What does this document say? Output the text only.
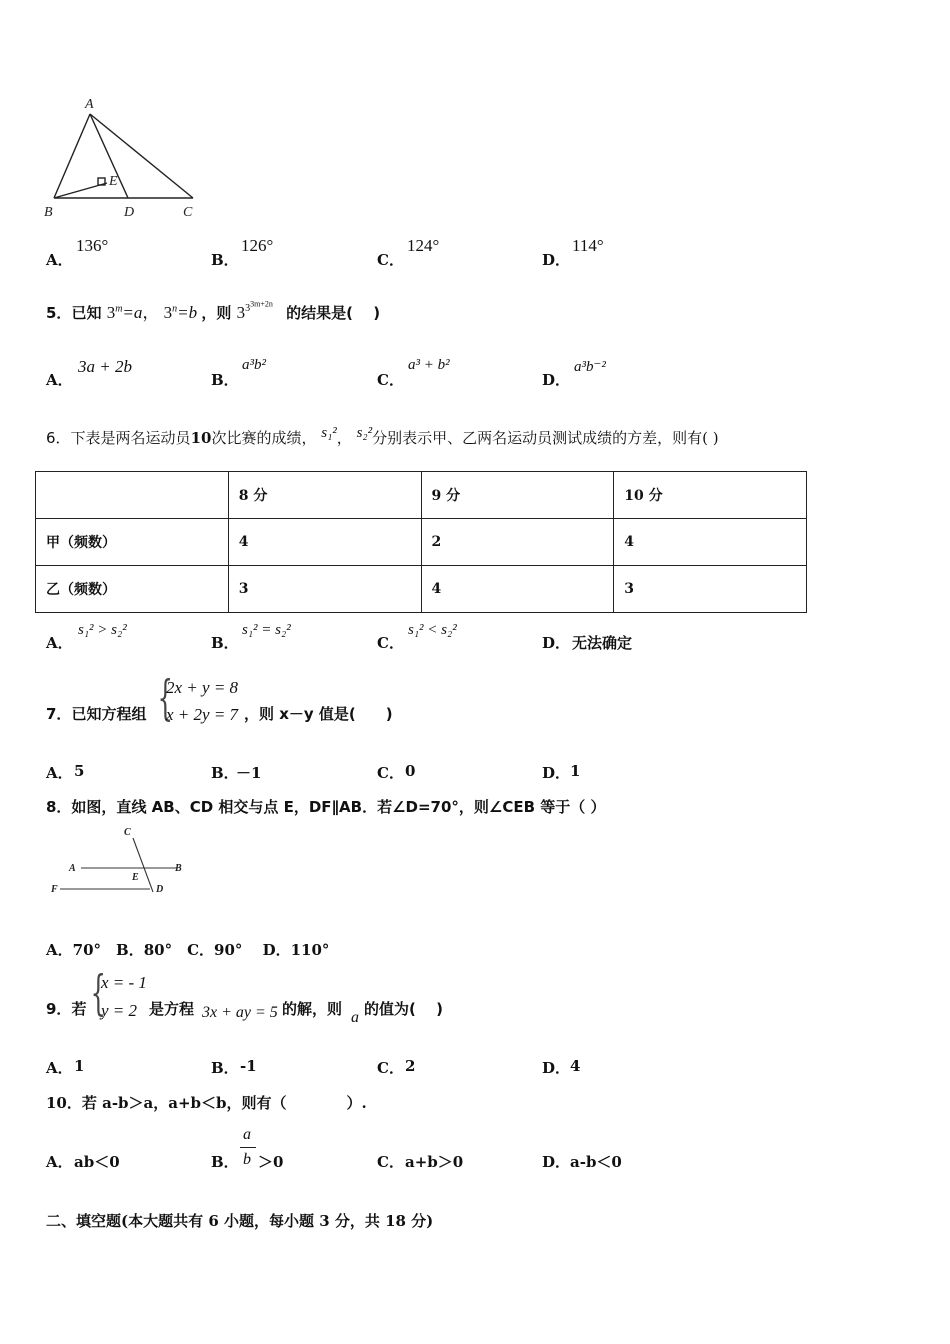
A
E
B	D	C
A．
136°
B．
126°
C．
124°
D．
114°
5．已知 $3^m=a$， $3^n=b$ ，则 $3^{3^{3m+2n}}$ 的结果是(　 )
A．
3a + 2b
B．
a³b²
C．
a³ + b²
D．
a³b⁻²
6．下表是两名运动员10次比赛的成绩， s₁²， s₂²分别表示甲、乙两名运动员测试成绩的方差，则有( )
	8 分	9 分	10 分
甲（频数）	4	2	4
乙（频数）	3	4	3
A．
s₁² > s₂²
B．
s₁² = s₂²
C．
s₁² < s₂²
D． 无法确定
7．已知方程组 {
2x + y = 8
x + 2y = 7 ，则 x－y 值是(　　)
A． 5	B．
－1	C． 0	D． 1
8．如图，直线 AB、CD 相交与点 E，DF∥AB．若∠D=70°，则∠CEB 等于（ ）
C
A	B
E
F	D
A．70°　B．80°　C．90°　 D．110°
9．若 {
x = - 1
y = 2 是方程 3x + ay = 5 的解，则 a 的值为(　 )
A． 1	B． -1	C． 2	D． 4
10．若 a-b＞a，a+b＜b，则有（　　　　）.
A． ab＜0	B．
a
b ＞0	C． a+b＞0	D． a-b＜0
二、填空题(本大题共有 6 小题，每小题 3 分，共 18 分)
